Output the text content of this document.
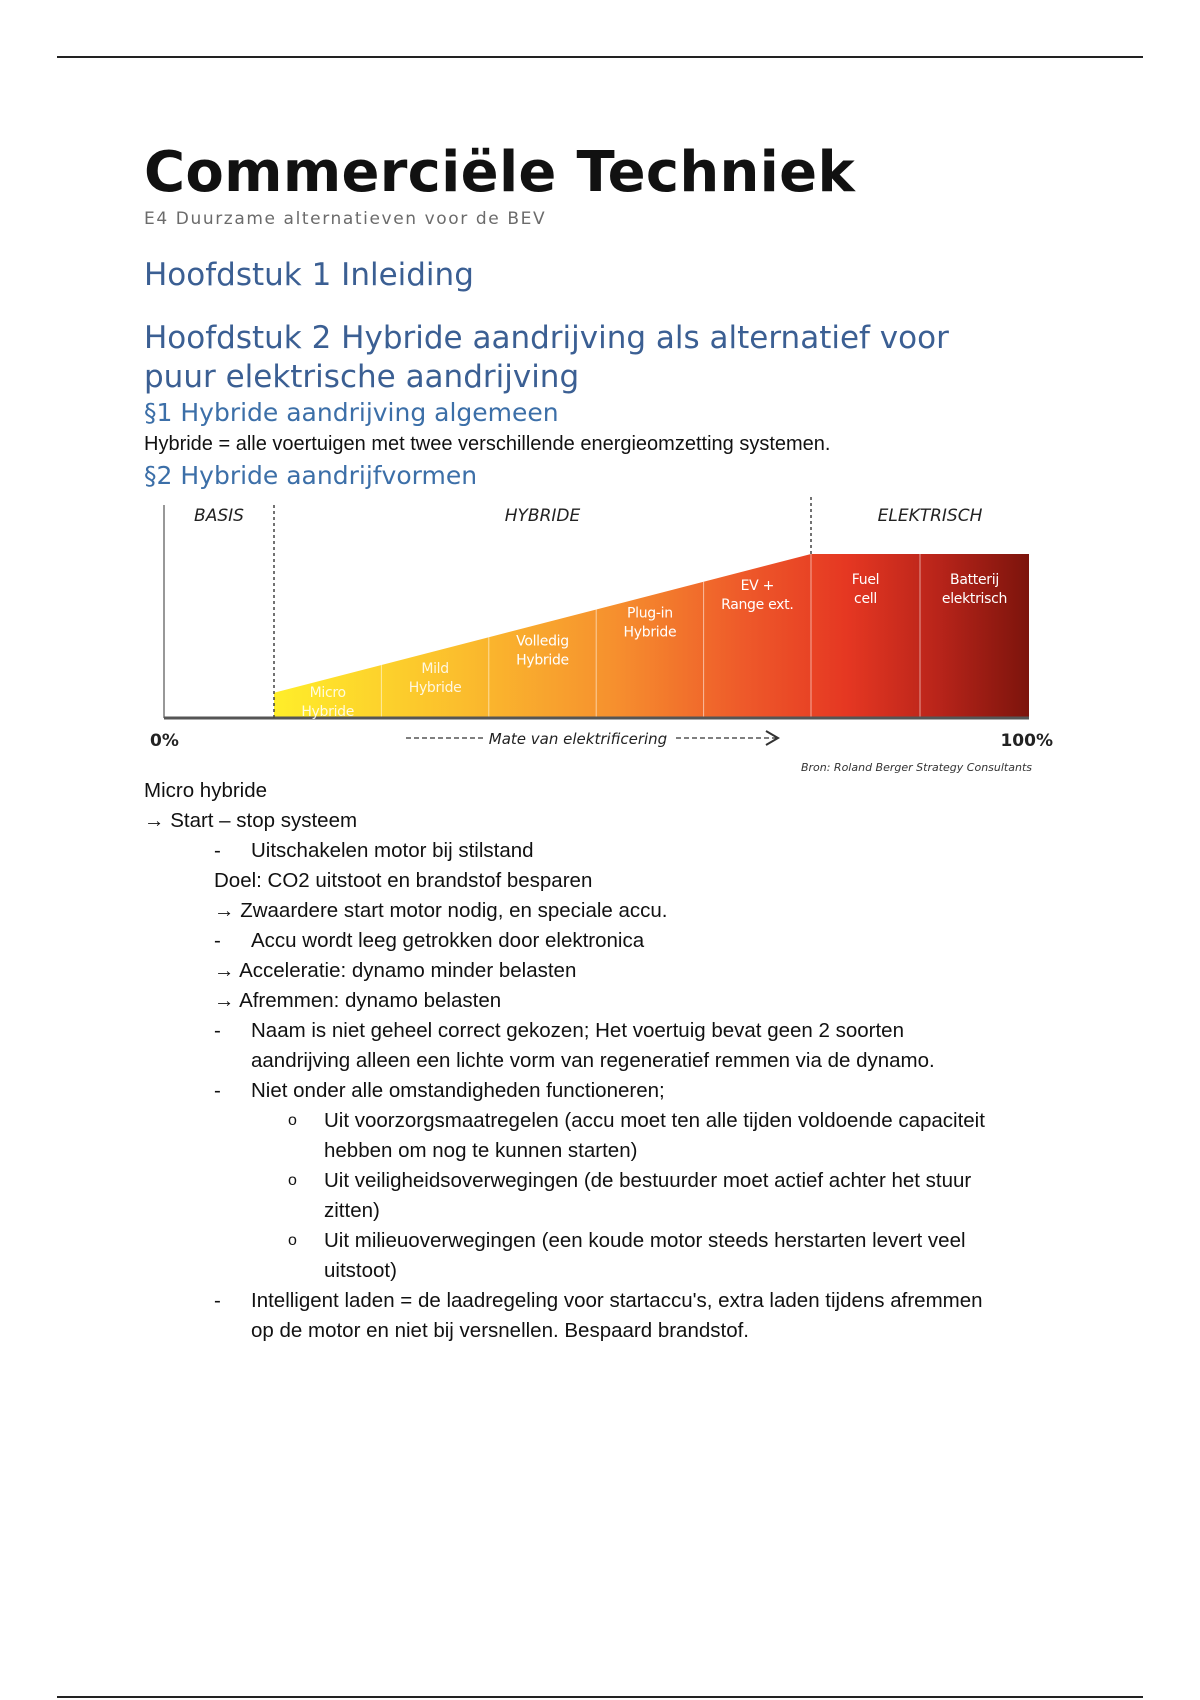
Commerciële Techniek
E4 Duurzame alternatieven voor de BEV
Hoofdstuk 1 Inleiding
Hoofdstuk 2 Hybride aandrijving als alternatief voor
puur elektrische aandrijving
§1 Hybride aandrijving algemeen
Hybride = alle voertuigen met twee verschillende energieomzetting systemen.
§2 Hybride aandrijfvormen
BASIS	HYBRIDE	ELEKTRISCH
Micro
Hybride
Mild
Hybride
Volledig
Hybride
Plug-in
Hybride
EV +
Range ext.
Fuel
cell
Batterij
elektrisch
0%	100%
Mate van elektrificering
Bron: Roland Berger Strategy Consultants
Micro hybride
→ Start – stop systeem
- Uitschakelen motor bij stilstand
Doel: CO2 uitstoot en brandstof besparen
→ Zwaardere start motor nodig, en speciale accu.
- Accu wordt leeg getrokken door elektronica
→ Acceleratie: dynamo minder belasten
→ Afremmen: dynamo belasten
- Naam is niet geheel correct gekozen; Het voertuig bevat geen 2 soorten
aandrijving alleen een lichte vorm van regeneratief remmen via de dynamo.
- Niet onder alle omstandigheden functioneren;
o Uit voorzorgsmaatregelen (accu moet ten alle tijden voldoende capaciteit
hebben om nog te kunnen starten)
o Uit veiligheidsoverwegingen (de bestuurder moet actief achter het stuur
zitten)
o Uit milieuoverwegingen (een koude motor steeds herstarten levert veel
uitstoot)
- Intelligent laden = de laadregeling voor startaccu's, extra laden tijdens afremmen
op de motor en niet bij versnellen. Bespaard brandstof.
